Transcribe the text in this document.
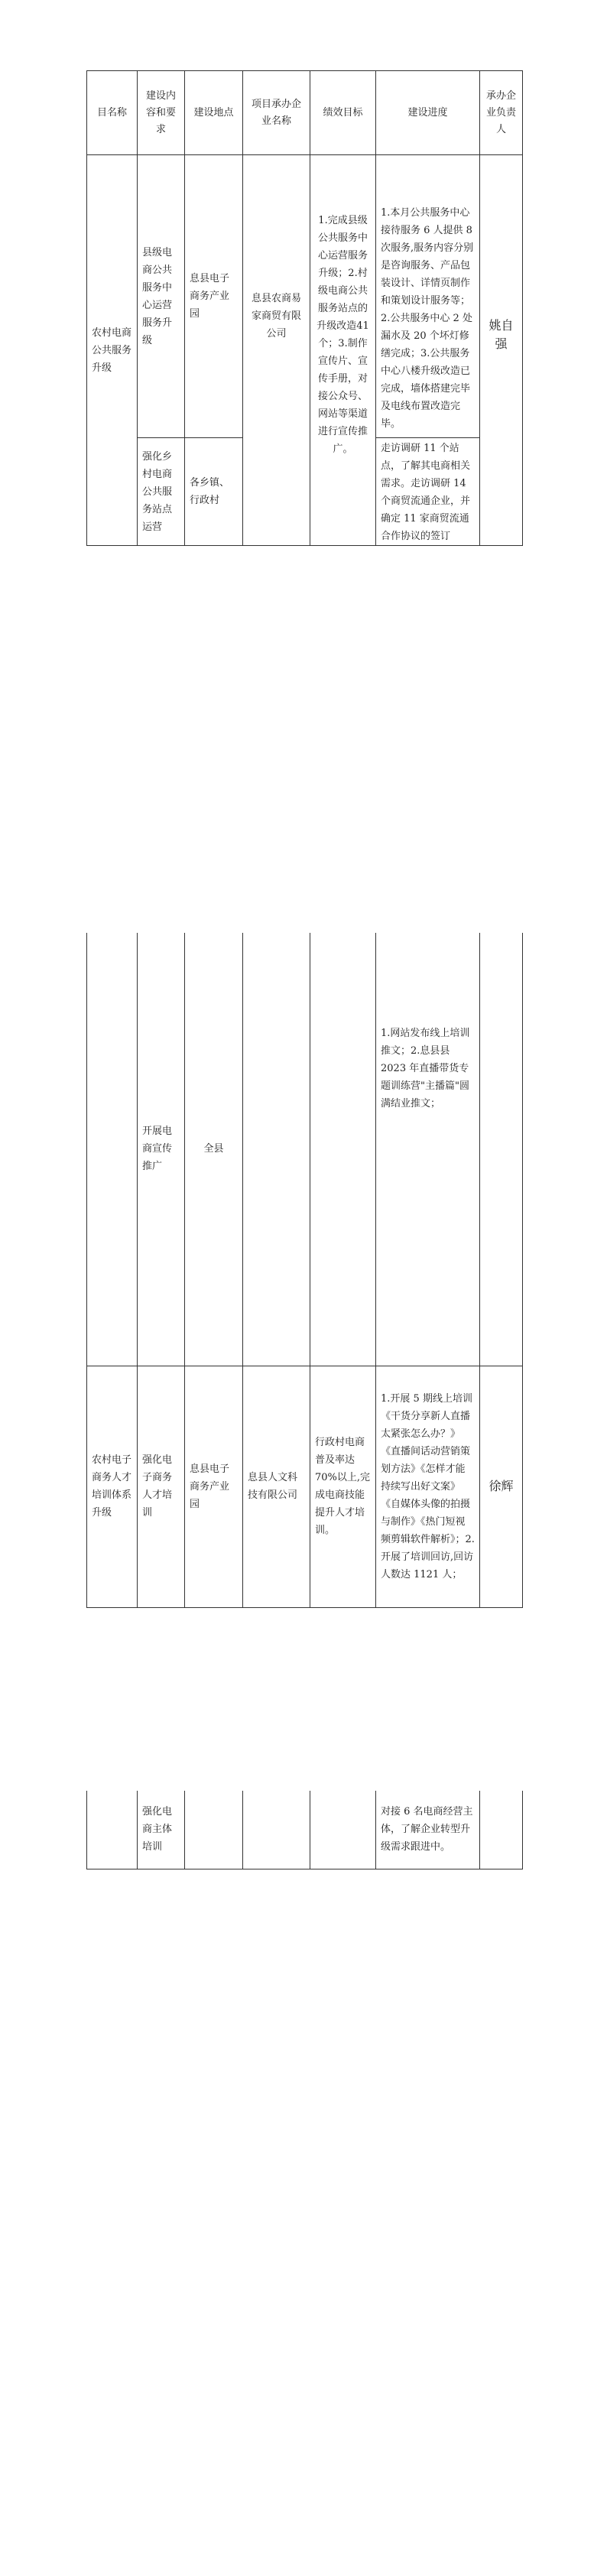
目名称	建设内容和要求	建设地点	项目承办企业名称	绩效目标	建设进度	承办企业负责人
农村电商公共服务升级	县级电商公共服务中心运营服务升级	息县电子商务产业园	息县农商易家商贸有限公司	1.完成县级公共服务中心运营服务升级；2.村级电商公共服务站点的升级改造41个；3.制作宣传片、宣传手册，对接公众号、网站等渠道进行宣传推广。	1.本月公共服务中心接待服务 6 人提供 8 次服务,服务内容分别是咨询服务、产品包装设计、详情页制作和策划设计服务等；2.公共服务中心 2 处漏水及 20 个坏灯修缮完成；3.公共服务中心八楼升级改造已完成，墙体搭建完毕及电线布置改造完毕。	姚自强
	强化乡村电商公共服务站点运营	各乡镇、行政村			走访调研 11 个站点，了解其电商相关需求。走访调研 14 个商贸流通企业，并确定 11 家商贸流通合作协议的签订	
	开展电商宣传推广	全县			1.网站发布线上培训推文；2.息县县 2023 年直播带货专题训练营"主播篇"圆满结业推文；	
农村电子商务人才培训体系升级	强化电子商务人才培训	息县电子商务产业园	息县人文科技有限公司	行政村电商普及率达70%以上,完成电商技能提升人才培训。	1.开展 5 期线上培训《干货分享新人直播太紧张怎么办？》《直播间话动营销策划方法》《怎样才能持续写出好文案》《自媒体头像的拍摄与制作》《热门短视频剪辑软件解析》；2.开展了培训回访,回访人数达 1121 人；	徐辉
	强化电商主体培训				对接 6 名电商经营主体，了解企业转型升级需求跟进中。	
